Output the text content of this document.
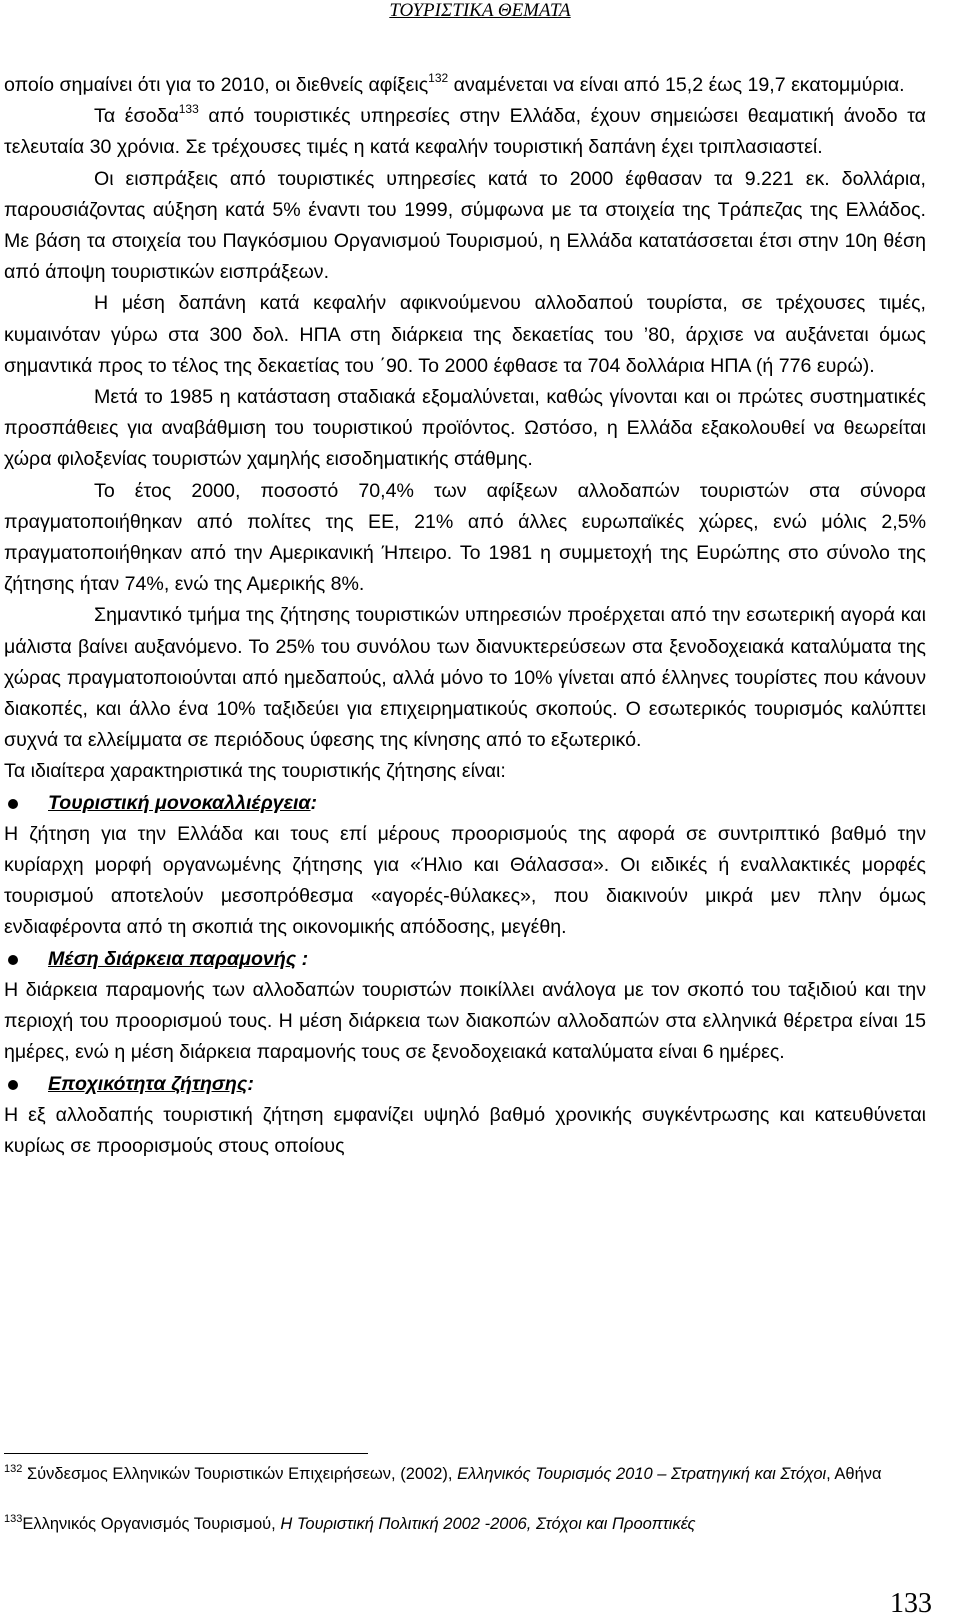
ΤΟΥΡΙΣΤΙΚΑ ΘΕΜΑΤΑ

οποίο σημαίνει ότι για το 2010, οι διεθνείς αφίξεις$^{132}$ αναμένεται να είναι από 15,2 έως 19,7 εκατομμύρια.

Τα έσοδα$^{133}$ από τουριστικές υπηρεσίες στην Ελλάδα, έχουν σημειώσει θεαματική άνοδο τα τελευταία 30 χρόνια. Σε τρέχουσες τιμές η κατά κεφαλήν τουριστική δαπάνη έχει τριπλασιαστεί.

Οι εισπράξεις από τουριστικές υπηρεσίες κατά το 2000 έφθασαν τα 9.221 εκ. δολλάρια, παρουσιάζοντας αύξηση κατά 5% έναντι του 1999, σύμφωνα με τα στοιχεία της Τράπεζας της Ελλάδος. Με βάση τα στοιχεία του Παγκόσμιου Οργανισμού Τουρισμού, η Ελλάδα κατατάσσεται έτσι στην 10η θέση από άποψη τουριστικών εισπράξεων.

Η μέση δαπάνη κατά κεφαλήν αφικνούμενου αλλοδαπού τουρίστα, σε τρέχουσες τιμές, κυμαινόταν γύρω στα 300 δολ. ΗΠΑ στη διάρκεια της δεκαετίας του ’80, άρχισε να αυξάνεται όμως σημαντικά προς το τέλος της δεκαετίας του ΄90. Το 2000 έφθασε τα 704 δολλάρια ΗΠΑ (ή 776 ευρώ).

Μετά το 1985 η κατάσταση σταδιακά εξομαλύνεται, καθώς γίνονται και οι πρώτες συστηματικές προσπάθειες για αναβάθμιση του τουριστικού προϊόντος. Ωστόσο, η Ελλάδα εξακολουθεί να θεωρείται χώρα φιλοξενίας τουριστών χαμηλής εισοδηματικής στάθμης.

Το έτος 2000, ποσοστό 70,4% των αφίξεων αλλοδαπών τουριστών στα σύνορα πραγματοποιήθηκαν από πολίτες της ΕΕ, 21% από άλλες ευρωπαϊκές χώρες, ενώ μόλις 2,5% πραγματοποιήθηκαν από την Αμερικανική Ήπειρο. Το 1981 η συμμετοχή της Ευρώπης στο σύνολο της ζήτησης ήταν 74%, ενώ της Αμερικής 8%.

Σημαντικό τμήμα της ζήτησης τουριστικών υπηρεσιών προέρχεται από την εσωτερική αγορά και μάλιστα βαίνει αυξανόμενο. Το 25% του συνόλου των διανυκτερεύσεων στα ξενοδοχειακά καταλύματα της χώρας πραγματοποιούνται από ημεδαπούς, αλλά μόνο το 10% γίνεται από έλληνες τουρίστες που κάνουν διακοπές, και άλλο ένα 10% ταξιδεύει για επιχειρηματικούς σκοπούς. Ο εσωτερικός τουρισμός καλύπτει συχνά τα ελλείμματα σε περιόδους ύφεσης της κίνησης από το εξωτερικό.

Τα ιδιαίτερα χαρακτηριστικά της τουριστικής ζήτησης είναι:

Τουριστική μονοκαλλιέργεια:

Η ζήτηση για την Ελλάδα και τους επί μέρους προορισμούς της αφορά σε συντριπτικό βαθμό την κυρίαρχη μορφή οργανωμένης ζήτησης για «Ήλιο και Θάλασσα». Οι ειδικές ή εναλλακτικές μορφές τουρισμού αποτελούν μεσοπρόθεσμα «αγορές-θύλακες», που διακινούν μικρά μεν πλην όμως ενδιαφέροντα από τη σκοπιά της οικονομικής απόδοσης, μεγέθη.

Μέση διάρκεια παραμονής :

Η διάρκεια παραμονής των αλλοδαπών τουριστών ποικίλλει ανάλογα με τον σκοπό του ταξιδιού και την περιοχή του προορισμού τους. Η μέση διάρκεια των διακοπών αλλοδαπών στα ελληνικά θέρετρα είναι 15 ημέρες, ενώ η μέση διάρκεια παραμονής τους σε ξενοδοχειακά καταλύματα είναι 6 ημέρες.

Εποχικότητα ζήτησης:

Η εξ αλλοδαπής τουριστική ζήτηση εμφανίζει υψηλό βαθμό χρονικής συγκέντρωσης και κατευθύνεται κυρίως σε προορισμούς στους οποίους

$^{132}$ Σύνδεσμος Ελληνικών Τουριστικών Επιχειρήσεων, (2002), Ελληνικός Τουρισμός 2010 – Στρατηγική και Στόχοι, Αθήνα
$^{133}$Ελληνικός Οργανισμός Τουρισμού, Η Τουριστική Πολιτική 2002 -2006, Στόχοι και Προοπτικές
133
